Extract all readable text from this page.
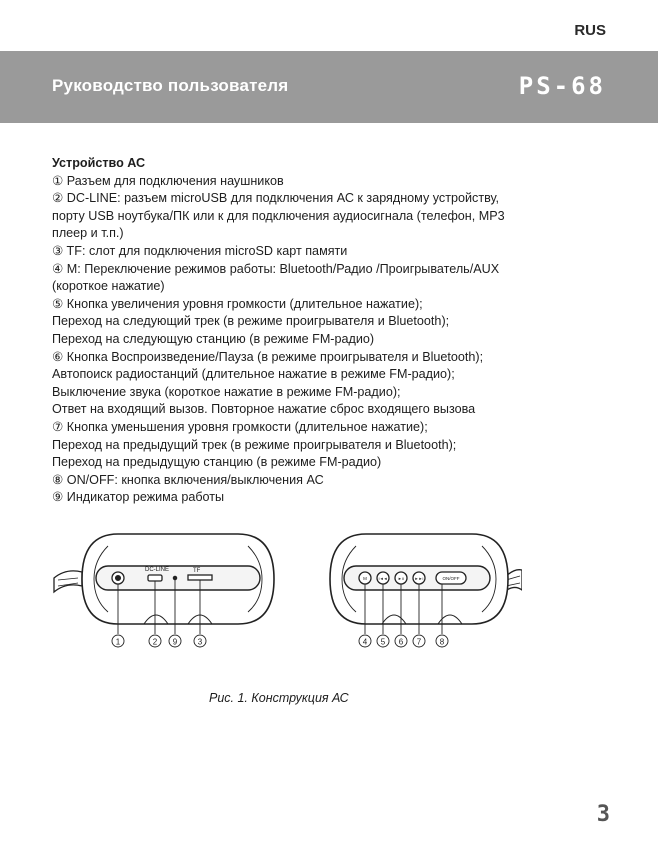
RUS
Руководство пользователя	PS-68
Устройство АС
① Разъем для подключения наушников
② DC-LINE: разъем microUSB для подключения АС к зарядному устройству,
порту USB ноутбука/ПК или к для подключения аудиосигнала (телефон, MP3
плеер и т.п.)
③ TF: слот для подключения microSD карт памяти
④ M: Переключение режимов работы: Bluetooth/Радио /Проигрыватель/AUX
(короткое нажатие)
⑤ Кнопка увеличения уровня громкости (длительное нажатие);
Переход на следующий трек (в режиме проигрывателя и Bluetooth);
Переход на следующую станцию (в режиме FM-радио)
⑥ Кнопка Воспроизведение/Пауза (в режиме проигрывателя и Bluetooth);
Автопоиск радиостанций (длительное нажатие в режиме FM-радио);
Выключение звука (короткое нажатие в режиме FM-радио);
Ответ на входящий вызов. Повторное нажатие сброс входящего вызова
⑦ Кнопка уменьшения уровня громкости (длительное нажатие);
Переход на предыдущий трек (в режиме проигрывателя и Bluetooth);
Переход на предыдущую станцию (в режиме FM-радио)
⑧ ON/OFF: кнопка включения/выключения АС
⑨ Индикатор режима работы
DC-LINE	TF
1	2 9	3
M	I◄◄	►II	►►I	ON/OFF
4 5 6 7 8
Рис. 1. Конструкция АС
3
